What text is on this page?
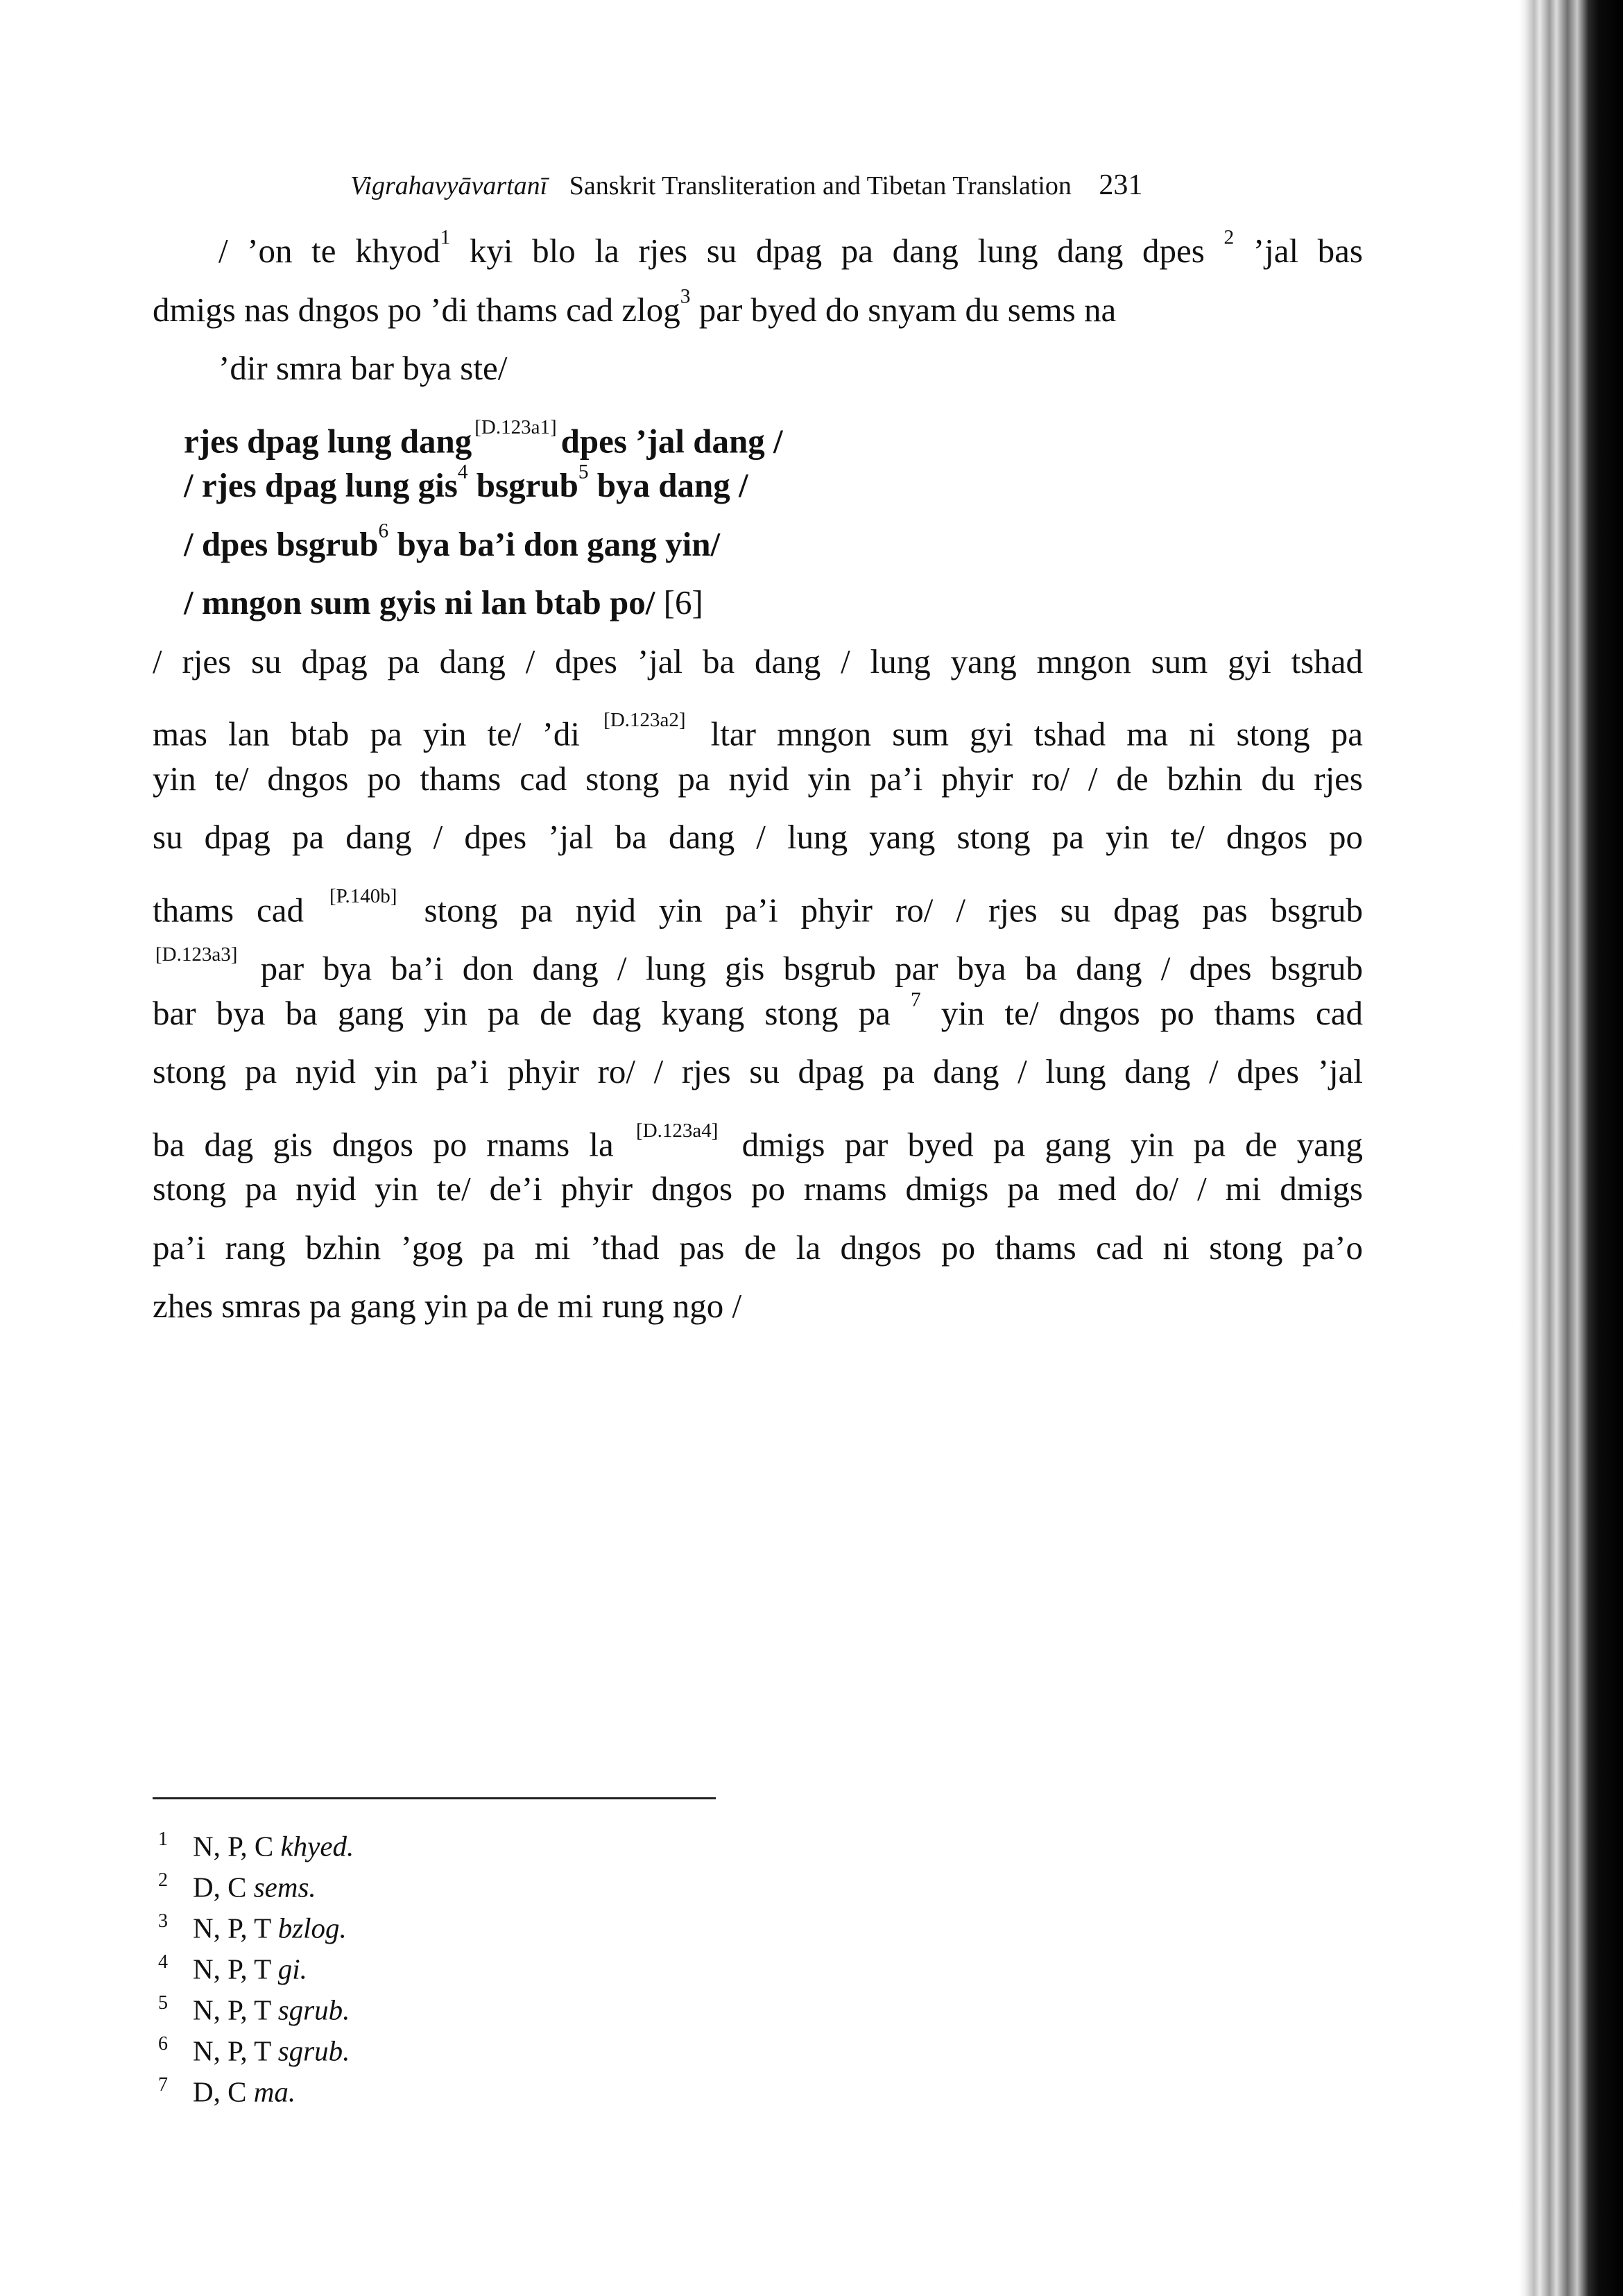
Vigrahavyāvartanī Sanskrit Transliteration and Tibetan Translation 231
/ ’on te khyod$^1$ kyi blo la rjes su dpag pa dang lung dang dpes $^2$ ’jal bas
dmigs nas dngos po ’di thams cad zlog$^3$ par byed do snyam du sems na
’dir smra bar bya ste/
rjes dpag lung dang [D.123a1] dpes ’jal dang /
/ rjes dpag lung gis$^4$ bsgrub$^5$ bya dang /
/ dpes bsgrub$^6$ bya ba’i don gang yin/
/ mngon sum gyis ni lan btab po/ [6]
/ rjes su dpag pa dang / dpes ’jal ba dang / lung yang mngon sum gyi tshad
mas lan btab pa yin te/ ’di [D.123a2] ltar mngon sum gyi tshad ma ni stong pa
yin te/ dngos po thams cad stong pa nyid yin pa’i phyir ro/ / de bzhin du rjes
su dpag pa dang / dpes ’jal ba dang / lung yang stong pa yin te/ dngos po
thams cad [P.140b] stong pa nyid yin pa’i phyir ro/ / rjes su dpag pas bsgrub
[D.123a3] par bya ba’i don dang / lung gis bsgrub par bya ba dang / dpes bsgrub
bar bya ba gang yin pa de dag kyang stong pa $^7$ yin te/ dngos po thams cad
stong pa nyid yin pa’i phyir ro/ / rjes su dpag pa dang / lung dang / dpes ’jal
ba dag gis dngos po rnams la [D.123a4] dmigs par byed pa gang yin pa de yang
stong pa nyid yin te/ de’i phyir dngos po rnams dmigs pa med do/ / mi dmigs
pa’i rang bzhin ’gog pa mi ’thad pas de la dngos po thams cad ni stong pa’o
zhes smras pa gang yin pa de mi rung ngo /
1 N, P, C khyed.
2 D, C sems.
3 N, P, T bzlog.
4 N, P, T gi.
5 N, P, T sgrub.
6 N, P, T sgrub.
7 D, C ma.
